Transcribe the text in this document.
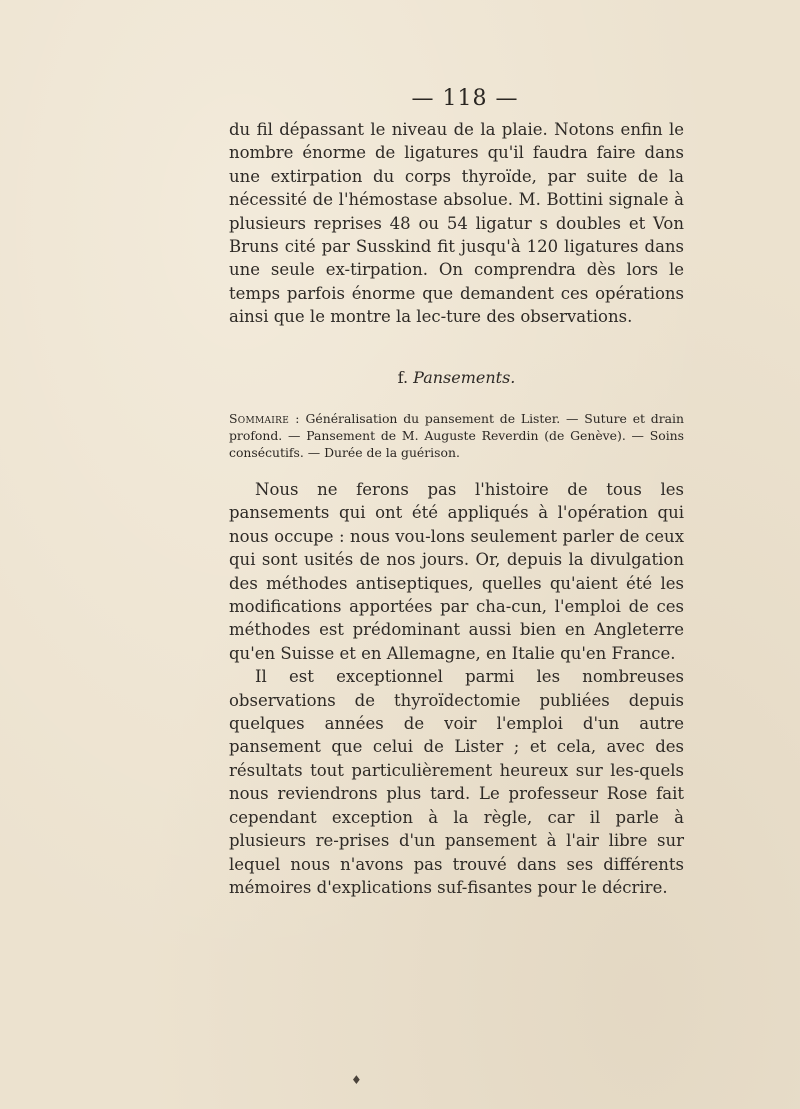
— 118 —

du fil dépassant le niveau de la plaie. Notons enfin le nombre énorme de ligatures qu'il faudra faire dans une extirpation du corps thyroïde, par suite de la nécessité de l'hémostase absolue. M. Bottini signale à plusieurs reprises 48 ou 54 ligatur s doubles et Von Bruns cité par Susskind fit jusqu'à 120 ligatures dans une seule ex-tirpation. On comprendra dès lors le temps parfois énorme que demandent ces opérations ainsi que le montre la lec-ture des observations.

f. Pansements.
Sommaire : Généralisation du pansement de Lister. — Suture et drain profond. — Pansement de M. Auguste Reverdin (de Genève). — Soins consécutifs. — Durée de la guérison.

Nous ne ferons pas l'histoire de tous les pansements qui ont été appliqués à l'opération qui nous occupe : nous vou-lons seulement parler de ceux qui sont usités de nos jours. Or, depuis la divulgation des méthodes antiseptiques, quelles qu'aient été les modifications apportées par cha-cun, l'emploi de ces méthodes est prédominant aussi bien en Angleterre qu'en Suisse et en Allemagne, en Italie qu'en France.

Il est exceptionnel parmi les nombreuses observations de thyroïdectomie publiées depuis quelques années de voir l'emploi d'un autre pansement que celui de Lister ; et cela, avec des résultats tout particulièrement heureux sur les-quels nous reviendrons plus tard. Le professeur Rose fait cependant exception à la règle, car il parle à plusieurs re-prises d'un pansement à l'air libre sur lequel nous n'avons pas trouvé dans ses différents mémoires d'explications suf-fisantes pour le décrire.

♦
